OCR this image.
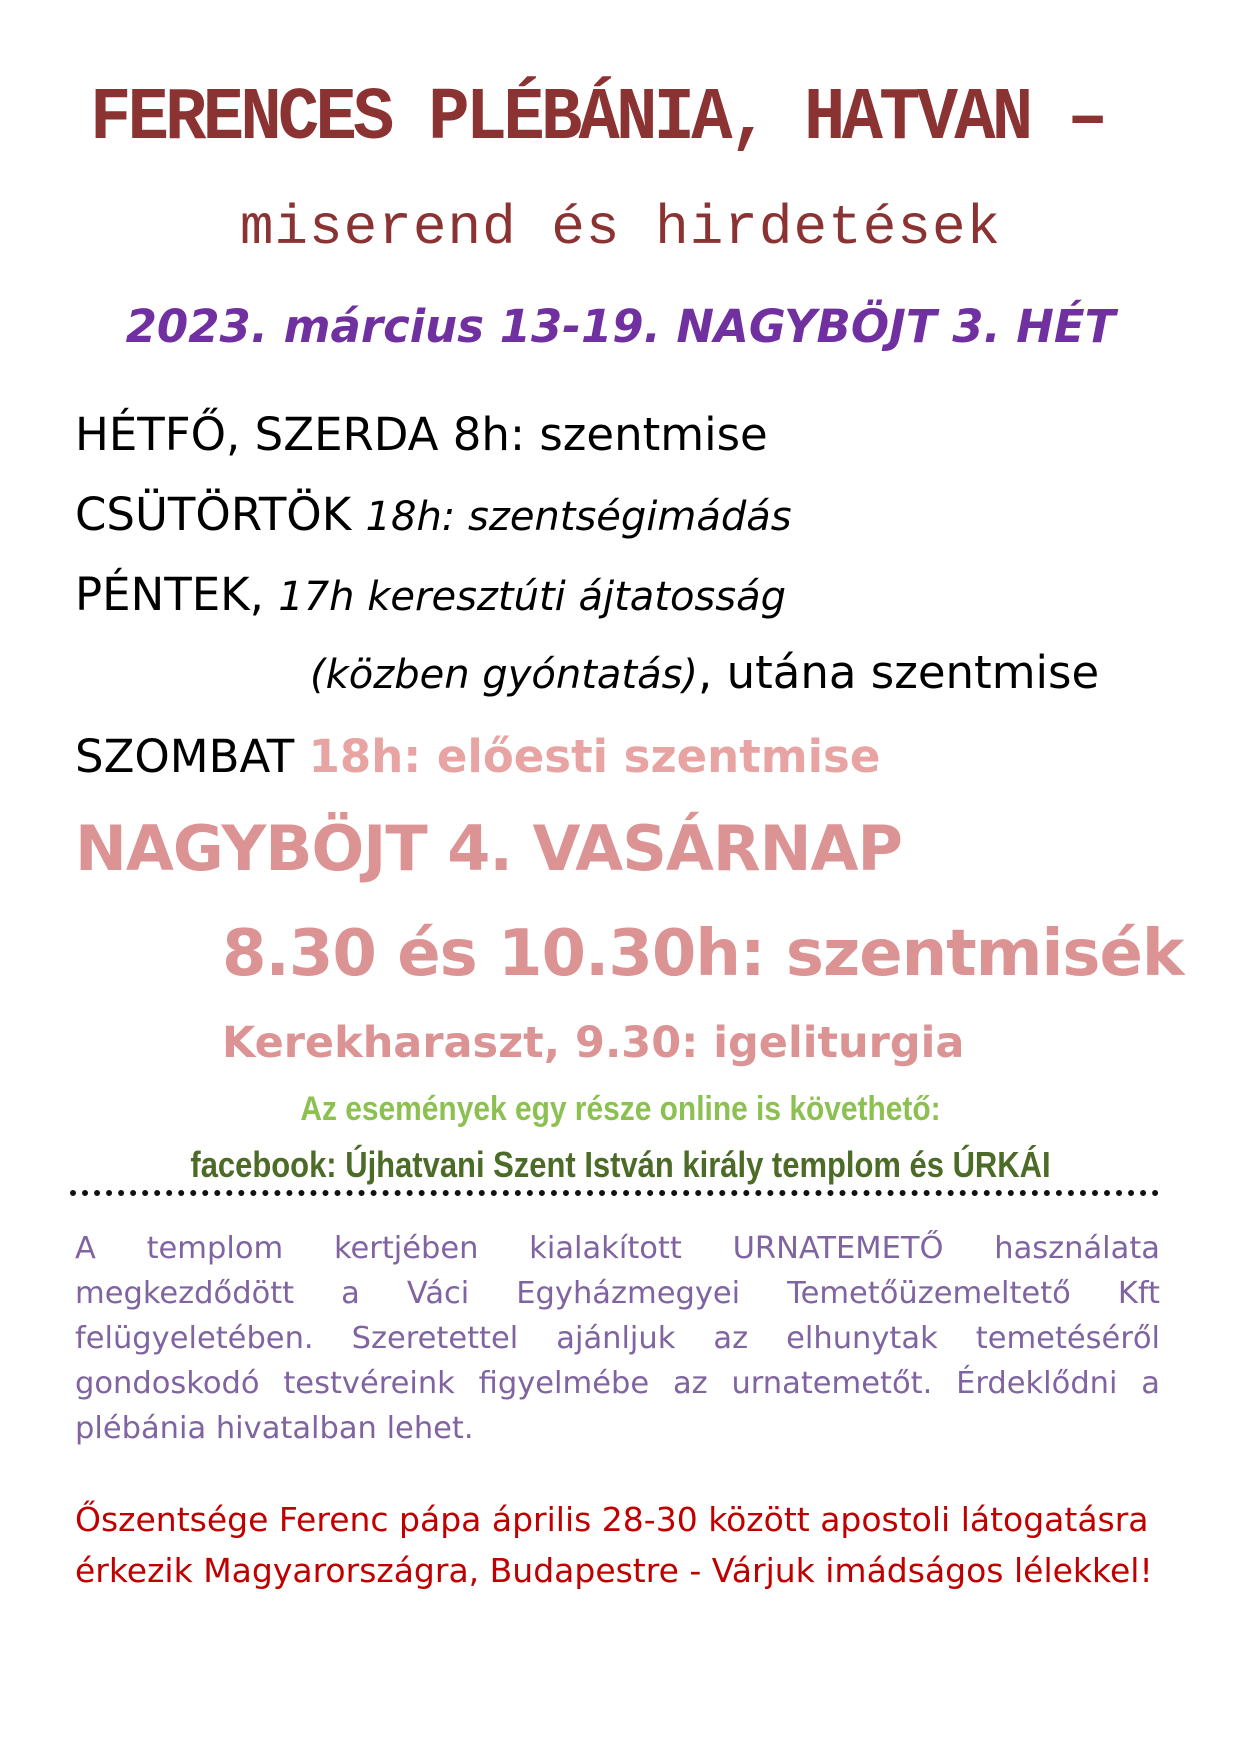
FERENCES PLÉBÁNIA, HATVAN –
miserend és hirdetések
2023. március 13-19. NAGYBÖJT 3. HÉT
HÉTFŐ, SZERDA 8h: szentmise
CSÜTÖRTÖK 18h: szentségimádás
PÉNTEK, 17h keresztúti ájtatosság
(közben gyóntatás), utána szentmise
SZOMBAT 18h: előesti szentmise
NAGYBÖJT 4. VASÁRNAP
8.30 és 10.30h: szentmisék
Kerekharaszt, 9.30: igeliturgia
Az események egy része online is követhető:
facebook: Újhatvani Szent István király templom és ÚRKÁI

A templom kertjében kialakított URNATEMETŐ használata megkezdődött a Váci Egyházmegyei Temetőüzemeltető Kft felügyeletében. Szeretettel ajánljuk az elhunytak temetéséről gondoskodó testvéreink figyelmébe az urnatemetőt. Érdeklődni a plébánia hivatalban lehet.

Őszentsége Ferenc pápa április 28-30 között apostoli látogatásra érkezik Magyarországra, Budapestre - Várjuk imádságos lélekkel!
